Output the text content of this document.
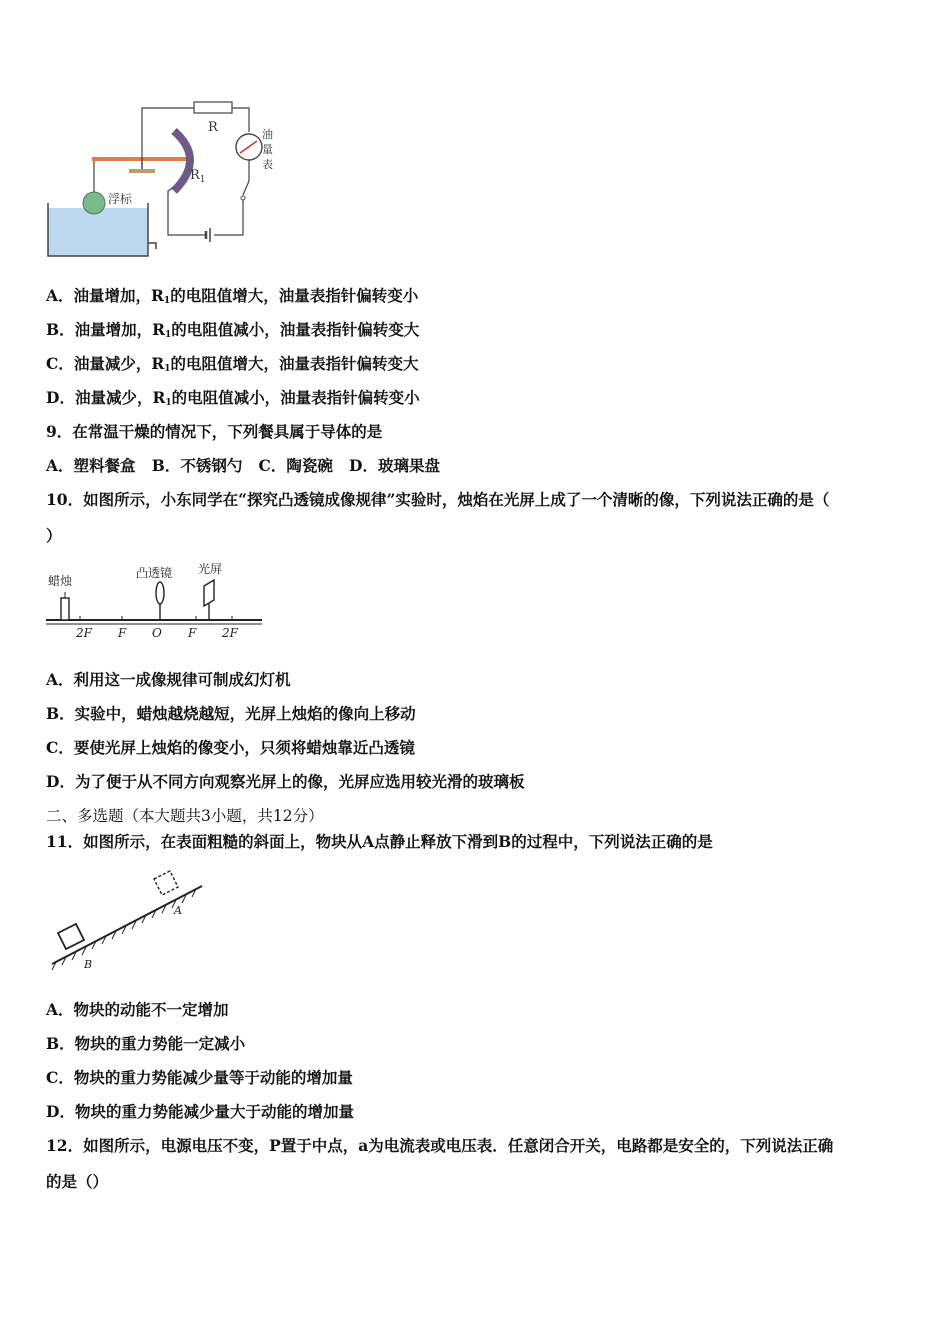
R
$R_1$
油
量
表
浮标
A．油量增加，$R_1$的电阻值增大，油量表指针偏转变小
B．油量增加，$R_1$的电阻值减小，油量表指针偏转变大
C．油量减少，$R_1$的电阻值增大，油量表指针偏转变大
D．油量减少，$R_1$的电阻值减小，油量表指针偏转变小
9．在常温干燥的情况下，下列餐具属于导体的是
A．塑料餐盒   B．不锈钢勺   C．陶瓷碗   D．玻璃果盘
10．如图所示，小东同学在“探究凸透镜成像规律”实验时，烛焰在光屏上成了一个清晰的像，下列说法正确的是（
）
蜡烛
凸透镜 光屏
2F F O F 2F
A．利用这一成像规律可制成幻灯机
B．实验中，蜡烛越烧越短，光屏上烛焰的像向上移动
C．要使光屏上烛焰的像变小，只须将蜡烛靠近凸透镜
D．为了便于从不同方向观察光屏上的像，光屏应选用较光滑的玻璃板
二、多选题（本大题共3小题，共12分）
11．如图所示，在表面粗糙的斜面上，物块从A点静止释放下滑到B的过程中，下列说法正确的是
A
B
A．物块的动能不一定增加
B．物块的重力势能一定减小
C．物块的重力势能减少量等于动能的增加量
D．物块的重力势能减少量大于动能的增加量
12．如图所示，电源电压不变，P置于中点，a为电流表或电压表．任意闭合开关，电路都是安全的，下列说法正确
的是（）
